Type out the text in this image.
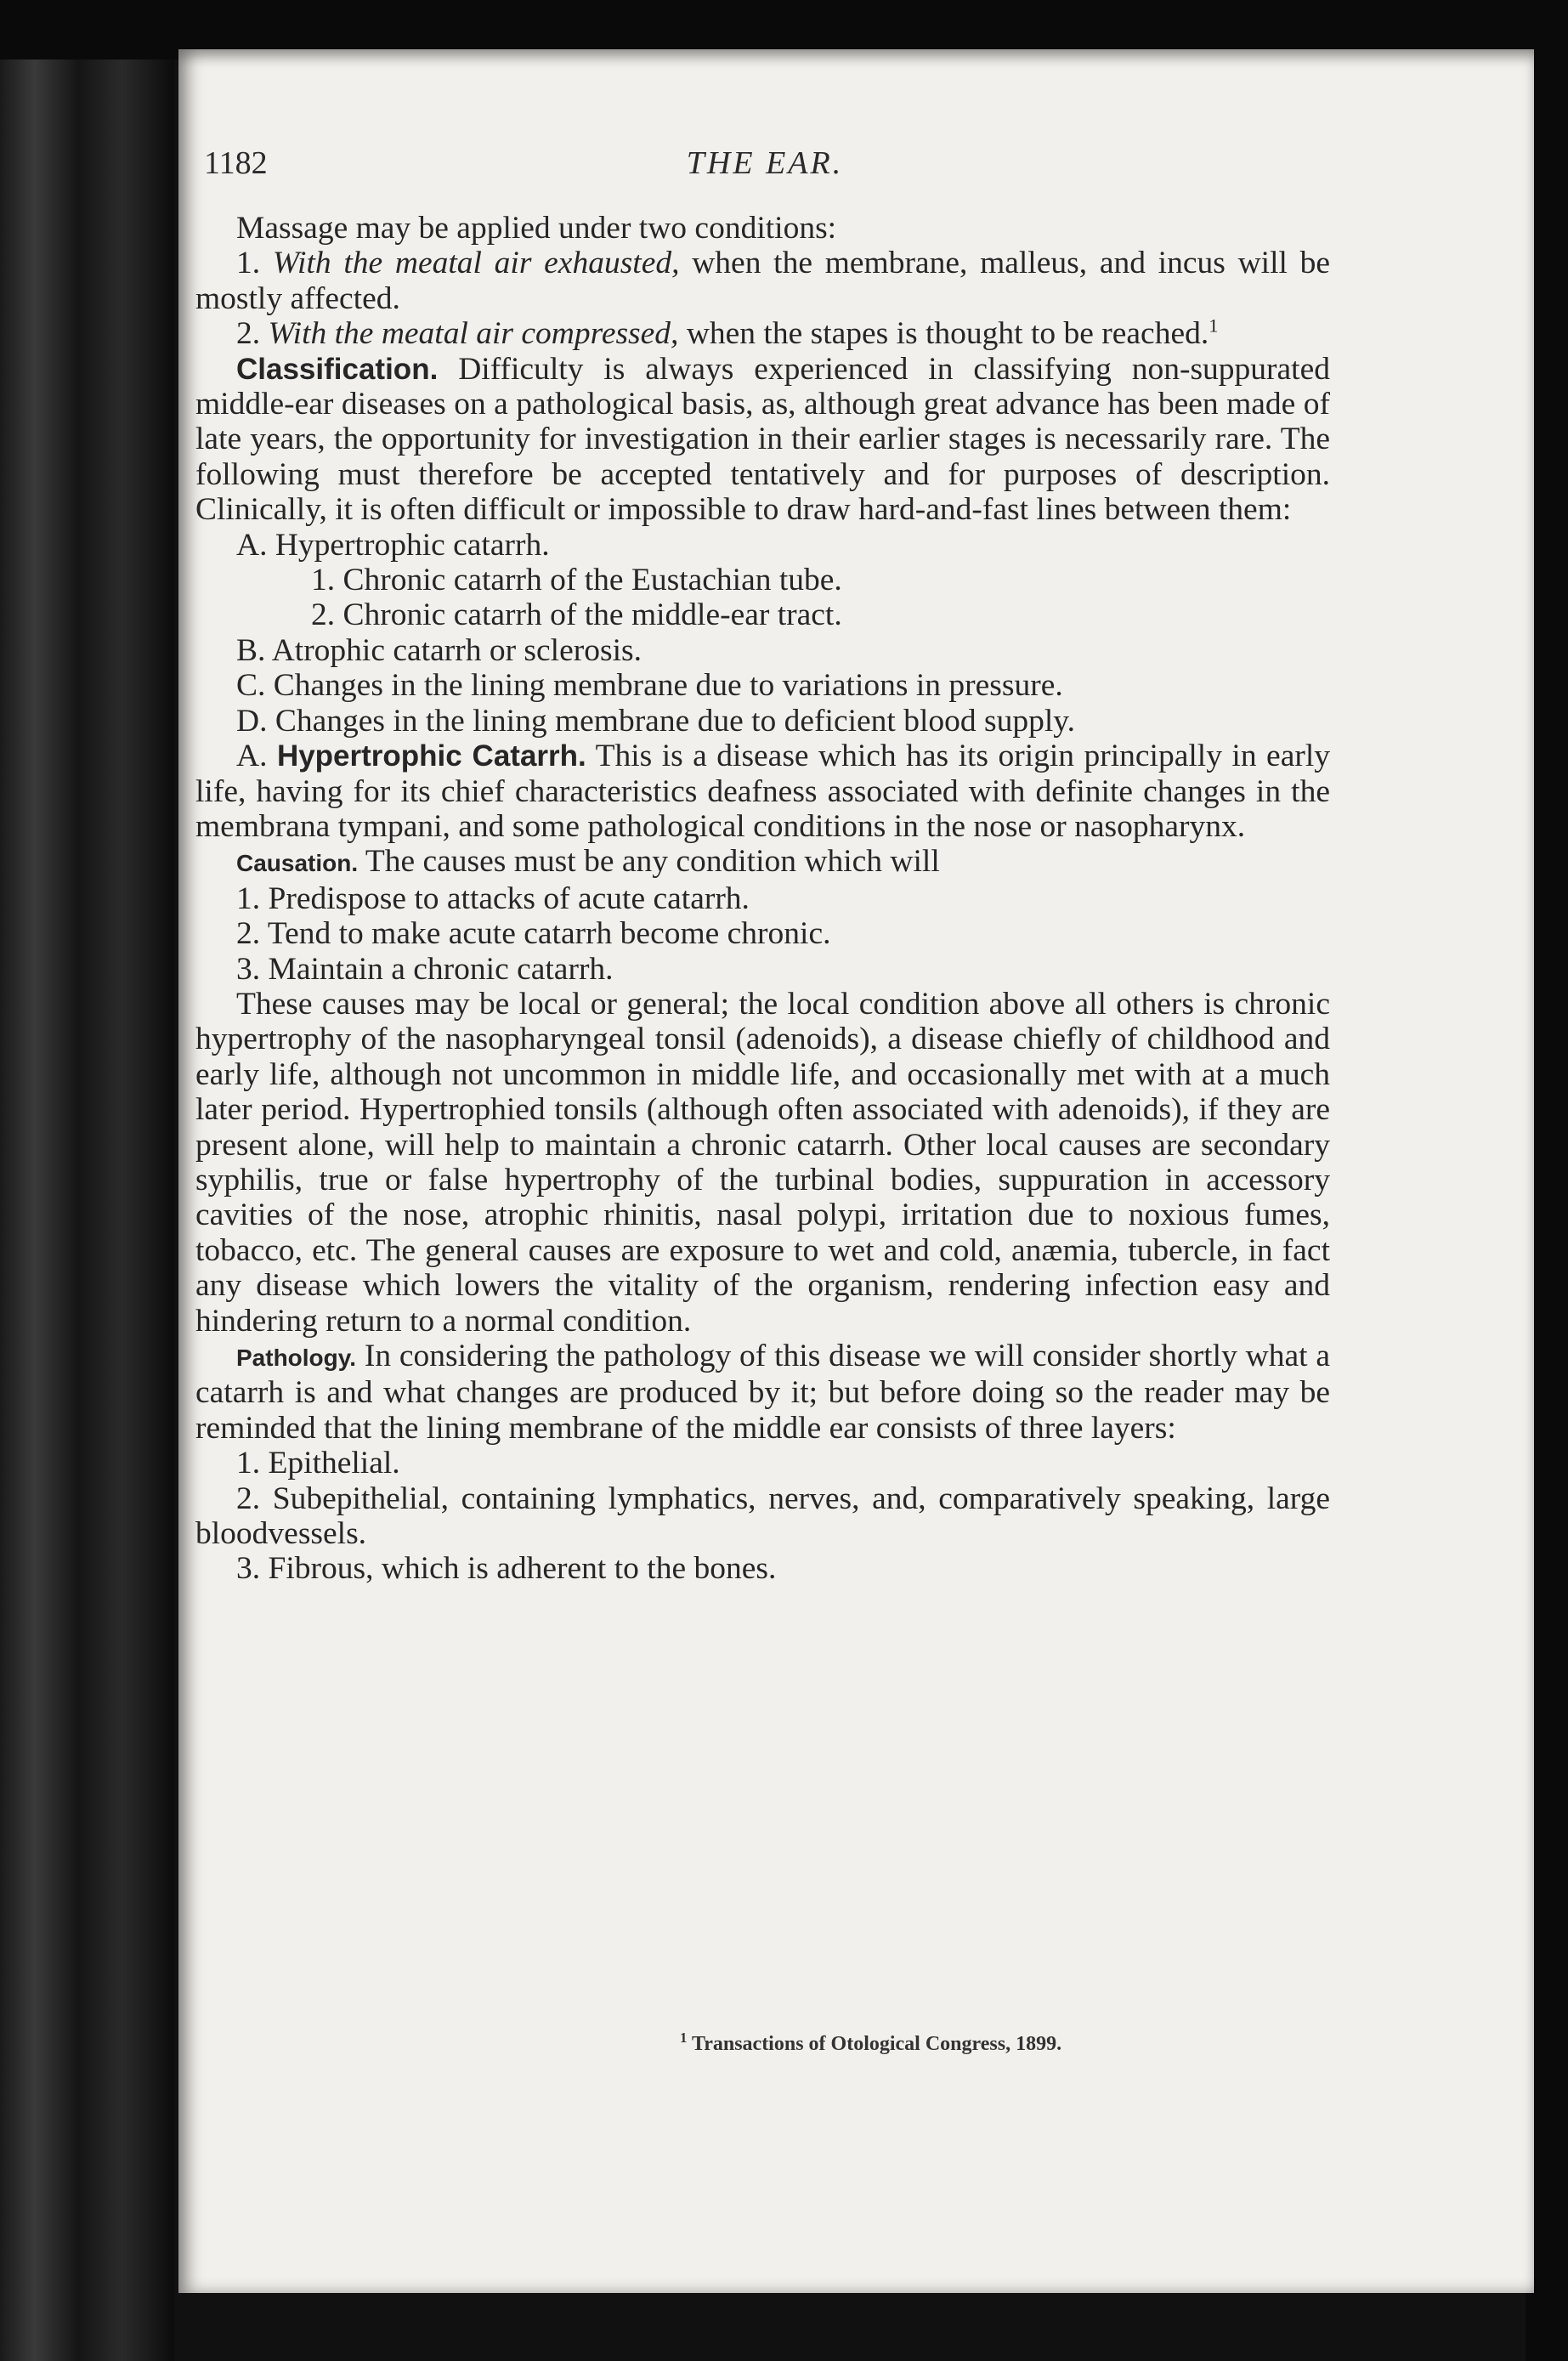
1182	THE EAR.

Massage may be applied under two conditions:

1. With the meatal air exhausted, when the membrane, malleus, and incus will be mostly affected.

2. With the meatal air compressed, when the stapes is thought to be reached.$^1$

Classification. Difficulty is always experienced in classifying non-suppurated middle-ear diseases on a pathological basis, as, although great advance has been made of late years, the opportunity for investigation in their earlier stages is necessarily rare. The following must therefore be accepted tentatively and for purposes of description. Clinically, it is often difficult or impossible to draw hard-and-fast lines between them:

A. Hypertrophic catarrh.

1. Chronic catarrh of the Eustachian tube.

2. Chronic catarrh of the middle-ear tract.

B. Atrophic catarrh or sclerosis.

C. Changes in the lining membrane due to variations in pressure.

D. Changes in the lining membrane due to deficient blood supply.

A. Hypertrophic Catarrh. This is a disease which has its origin principally in early life, having for its chief characteristics deafness associated with definite changes in the membrana tympani, and some pathological conditions in the nose or nasopharynx.

Causation. The causes must be any condition which will

1. Predispose to attacks of acute catarrh.

2. Tend to make acute catarrh become chronic.

3. Maintain a chronic catarrh.

These causes may be local or general; the local condition above all others is chronic hypertrophy of the nasopharyngeal tonsil (adenoids), a disease chiefly of childhood and early life, although not uncommon in middle life, and occasionally met with at a much later period. Hypertrophied tonsils (although often associated with adenoids), if they are present alone, will help to maintain a chronic catarrh. Other local causes are secondary syphilis, true or false hypertrophy of the turbinal bodies, suppuration in accessory cavities of the nose, atrophic rhinitis, nasal polypi, irritation due to noxious fumes, tobacco, etc. The general causes are exposure to wet and cold, anæmia, tubercle, in fact any disease which lowers the vitality of the organism, rendering infection easy and hindering return to a normal condition.

Pathology. In considering the pathology of this disease we will consider shortly what a catarrh is and what changes are produced by it; but before doing so the reader may be reminded that the lining membrane of the middle ear consists of three layers:

1. Epithelial.

2. Subepithelial, containing lymphatics, nerves, and, comparatively speaking, large bloodvessels.

3. Fibrous, which is adherent to the bones.

$^1$ Transactions of Otological Congress, 1899.
